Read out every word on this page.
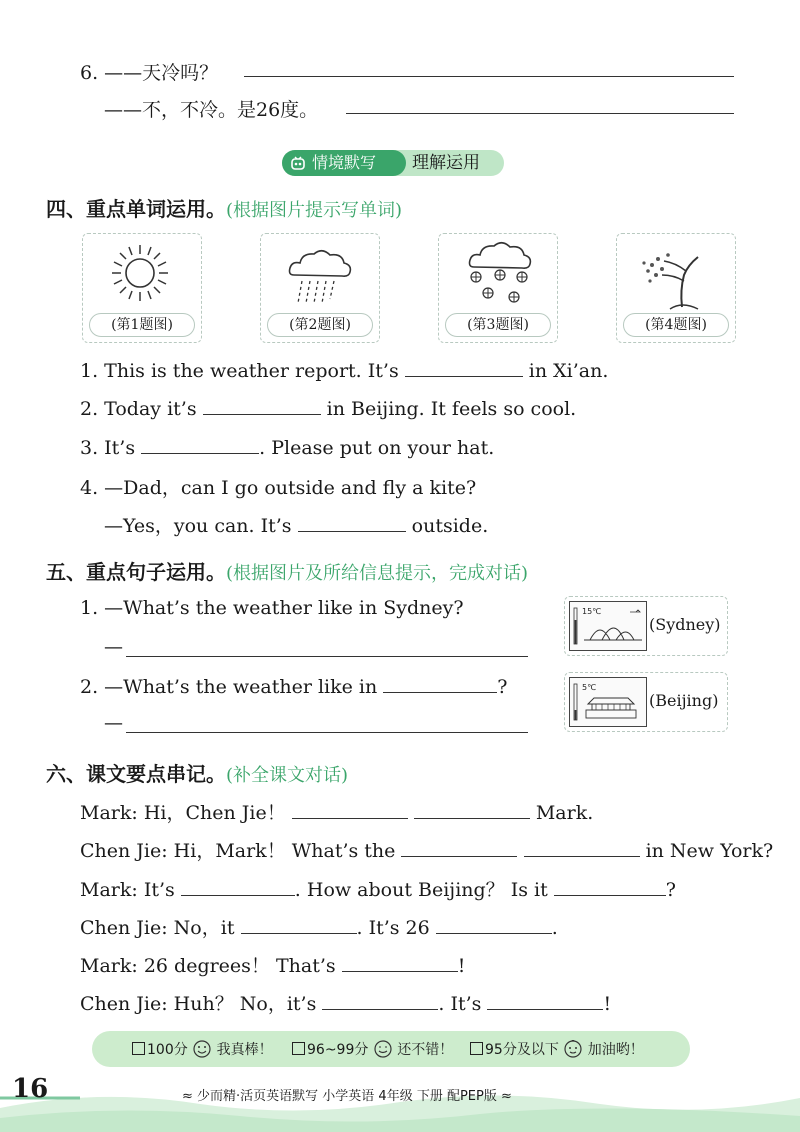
6. ——天冷吗？
——不，不冷。是26度。
情境默写	理解运用
四、重点单词运用。(根据图片提示写单词)
(第1题图)	(第2题图)	(第3题图)	(第4题图)
1. This is the weather report. It’s	in Xi’an.
2. Today it’s	in Beijing. It feels so cool.
3. It’s	. Please put on your hat.
4. —Dad，can I go outside and fly a kite?
—Yes，you can. It’s	outside.
五、重点句子运用。(根据图片及所给信息提示，完成对话)
1. —What’s the weather like in Sydney?
—
15℃
(Sydney)
2. —What’s the weather like in	?
—
5℃
(Beijing)
六、课文要点串记。(补全课文对话)
Mark: Hi，Chen Jie！	Mark.
Chen Jie: Hi，Mark！ What’s the	in New York?
Mark: It’s	. How about Beijing？ Is it	?
Chen Jie: No，it	. It’s 26	.
Mark: 26 degrees！ That’s	!
Chen Jie: Huh？ No，it’s	. It’s	!
100分 我真棒！	96~99分 还不错！	95分及以下 加油哟！
16	≈ 少而精·活页英语默写 小学英语 4年级 下册 配PEP版 ≈
